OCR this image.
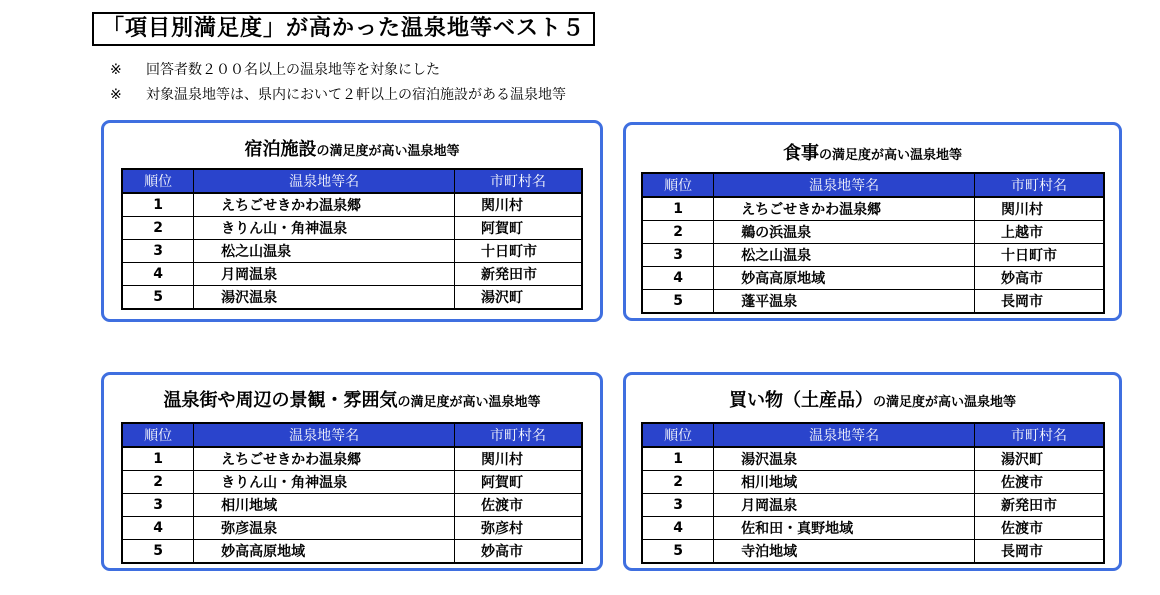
「項目別満足度」が高かった温泉地等ベスト５
※ 回答者数２００名以上の温泉地等を対象にした
※ 対象温泉地等は、県内において２軒以上の宿泊施設がある温泉地等
宿泊施設の満足度が高い温泉地等
順位	温泉地等名	市町村名
1	えちごせきかわ温泉郷	関川村
2	きりん山・角神温泉	阿賀町
3	松之山温泉	十日町市
4	月岡温泉	新発田市
5	湯沢温泉	湯沢町
食事の満足度が高い温泉地等
順位	温泉地等名	市町村名
1	えちごせきかわ温泉郷	関川村
2	鵜の浜温泉	上越市
3	松之山温泉	十日町市
4	妙高高原地域	妙高市
5	蓬平温泉	長岡市
温泉街や周辺の景観・雰囲気の満足度が高い温泉地等
順位	温泉地等名	市町村名
1	えちごせきかわ温泉郷	関川村
2	きりん山・角神温泉	阿賀町
3	相川地域	佐渡市
4	弥彦温泉	弥彦村
5	妙高高原地域	妙高市
買い物（土産品）の満足度が高い温泉地等
順位	温泉地等名	市町村名
1	湯沢温泉	湯沢町
2	相川地域	佐渡市
3	月岡温泉	新発田市
4	佐和田・真野地域	佐渡市
5	寺泊地域	長岡市
